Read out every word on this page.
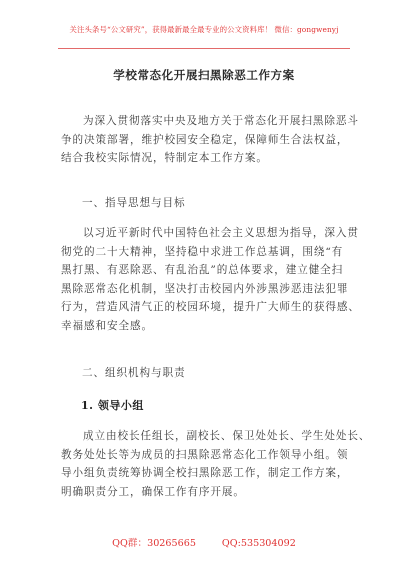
关注头条号“公文研究”，获得最新最全最专业的公文资料库！ 微信：gongwenyj
学校常态化开展扫黑除恶工作方案

为深入贯彻落实中央及地方关于常态化开展扫黑除恶斗
争的决策部署，维护校园安全稳定，保障师生合法权益，
结合我校实际情况，特制定本工作方案。

一、指导思想与目标

以习近平新时代中国特色社会主义思想为指导，深入贯
彻党的二十大精神，坚持稳中求进工作总基调，围绕“有
黑打黑、有恶除恶、有乱治乱”的总体要求，建立健全扫
黑除恶常态化机制，坚决打击校园内外涉黑涉恶违法犯罪
行为，营造风清气正的校园环境，提升广大师生的获得感、
幸福感和安全感。

二、组织机构与职责
1. 领导小组

成立由校长任组长，副校长、保卫处处长、学生处处长、
教务处处长等为成员的扫黑除恶常态化工作领导小组。领
导小组负责统筹协调全校扫黑除恶工作，制定工作方案，
明确职责分工，确保工作有序开展。

QQ群：30265665	QQ:535304092
